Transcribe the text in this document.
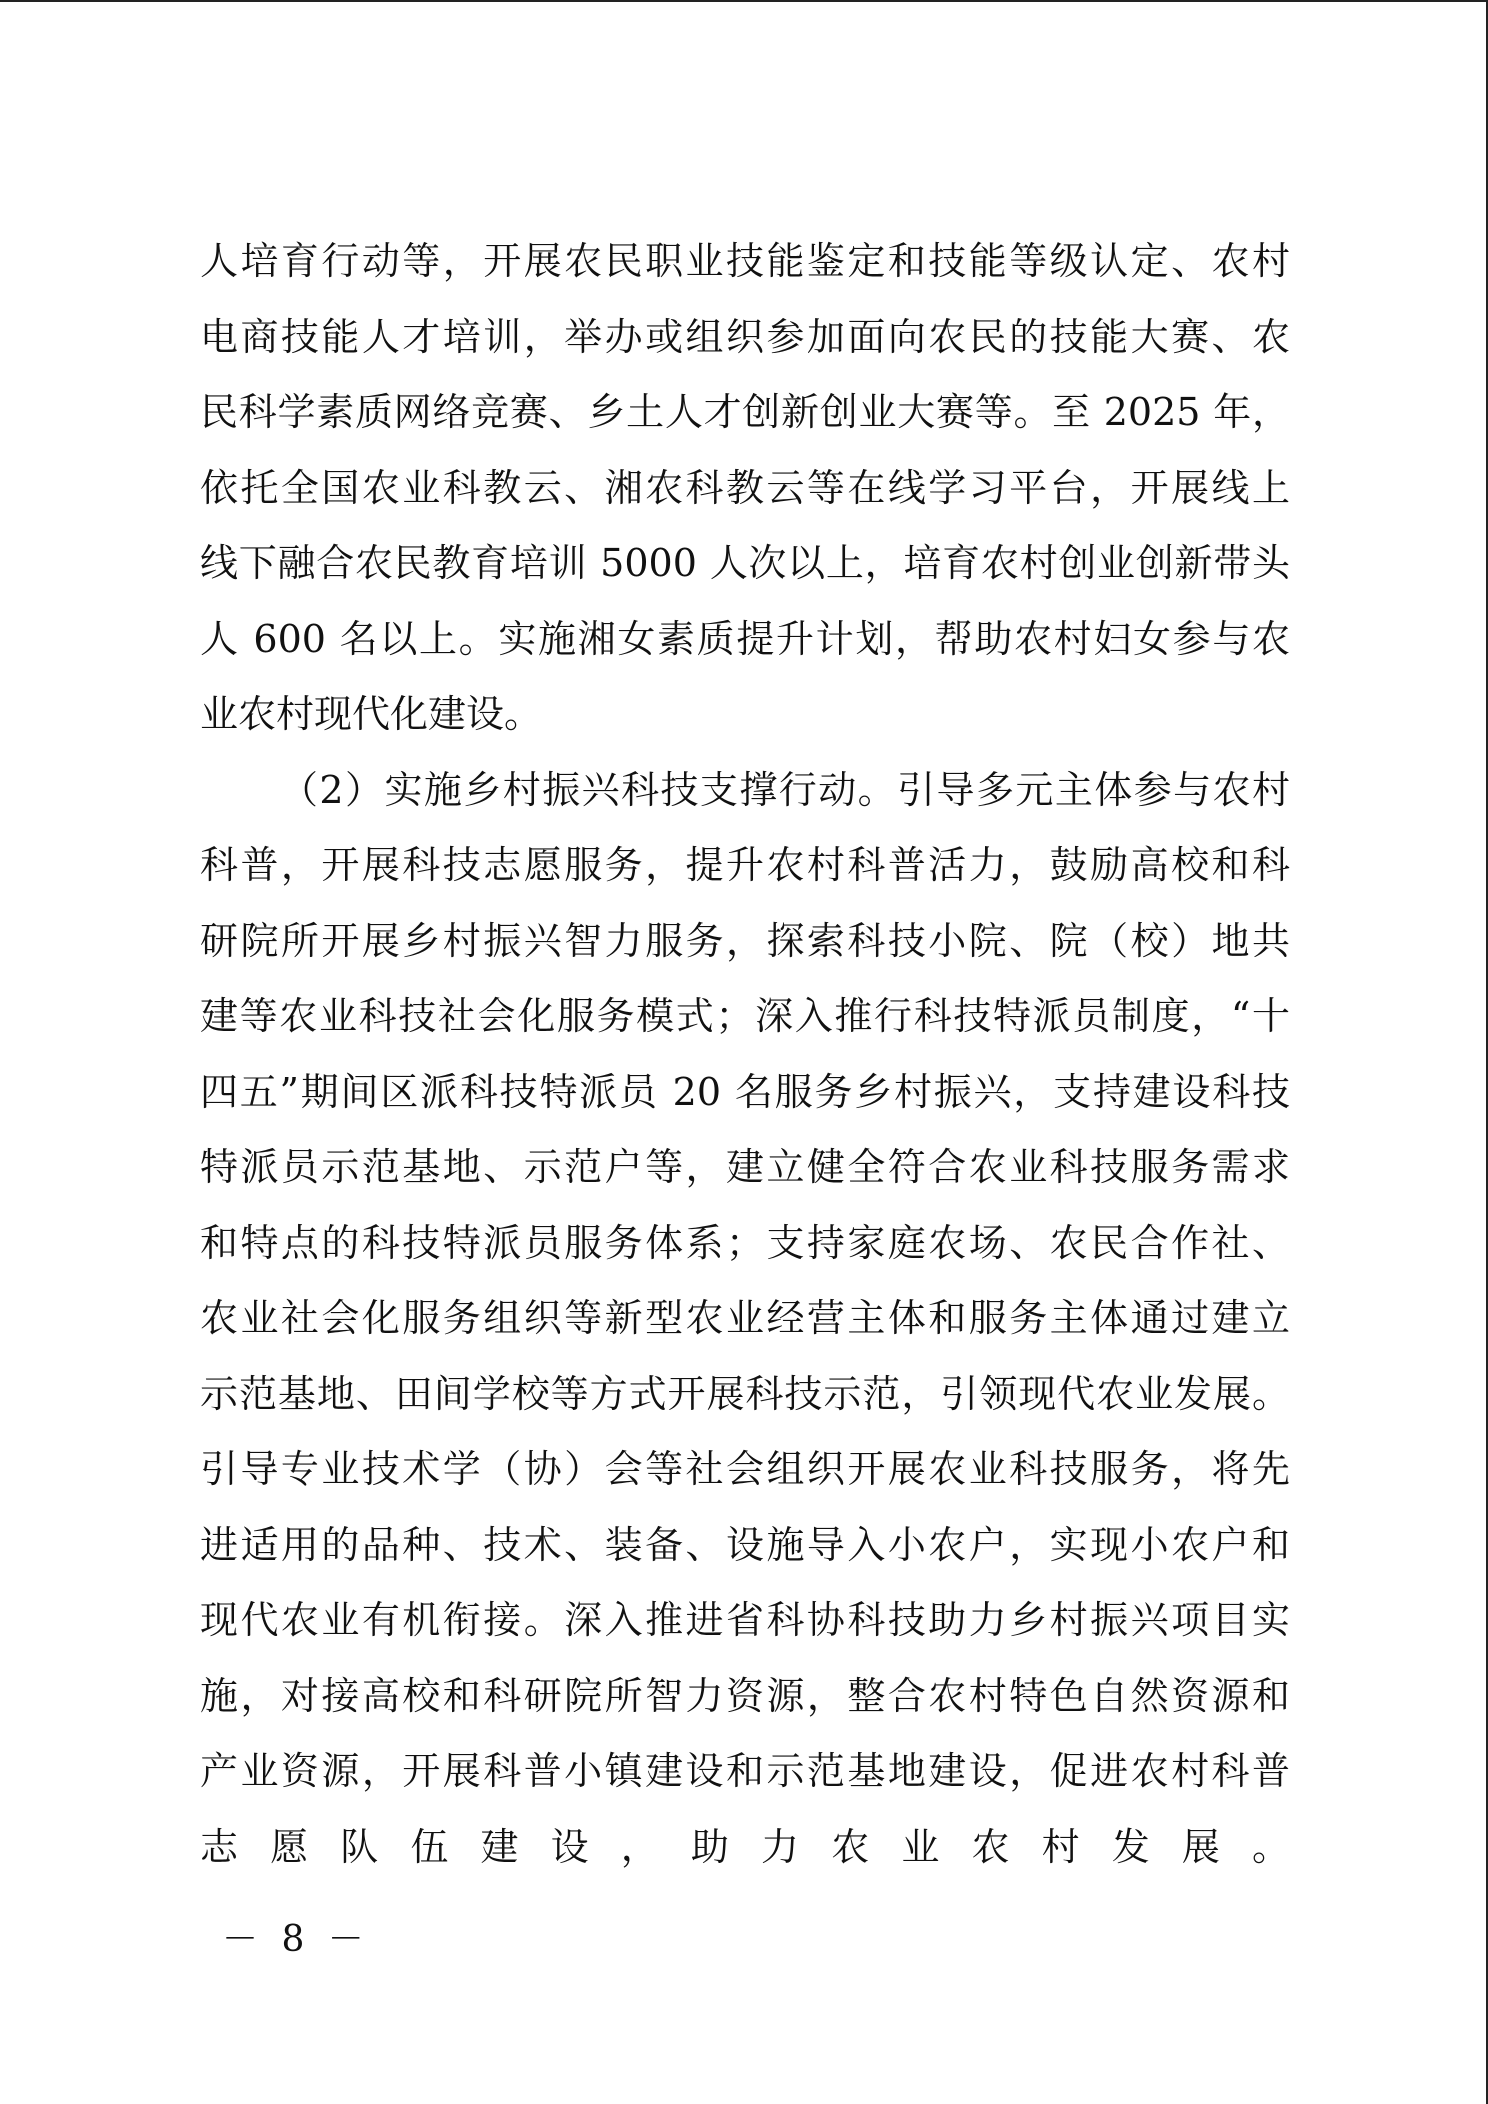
人培育行动等，开展农民职业技能鉴定和技能等级认定、农村
电商技能人才培训，举办或组织参加面向农民的技能大赛、农
民科学素质网络竞赛、乡土人才创新创业大赛等。至 2025 年，
依托全国农业科教云、湘农科教云等在线学习平台，开展线上
线下融合农民教育培训 5000 人次以上，培育农村创业创新带头
人 600 名以上。实施湘女素质提升计划，帮助农村妇女参与农
业农村现代化建设。
（2）实施乡村振兴科技支撑行动。引导多元主体参与农村
科普，开展科技志愿服务，提升农村科普活力，鼓励高校和科
研院所开展乡村振兴智力服务，探索科技小院、院（校）地共
建等农业科技社会化服务模式；深入推行科技特派员制度，“十
四五”期间区派科技特派员 20 名服务乡村振兴，支持建设科技
特派员示范基地、示范户等，建立健全符合农业科技服务需求
和特点的科技特派员服务体系；支持家庭农场、农民合作社、
农业社会化服务组织等新型农业经营主体和服务主体通过建立
示范基地、田间学校等方式开展科技示范，引领现代农业发展。
引导专业技术学（协）会等社会组织开展农业科技服务，将先
进适用的品种、技术、装备、设施导入小农户，实现小农户和
现代农业有机衔接。深入推进省科协科技助力乡村振兴项目实
施，对接高校和科研院所智力资源，整合农村特色自然资源和
产业资源，开展科普小镇建设和示范基地建设，促进农村科普
志愿队伍建设，助力农业农村发展。
－ 8 －
